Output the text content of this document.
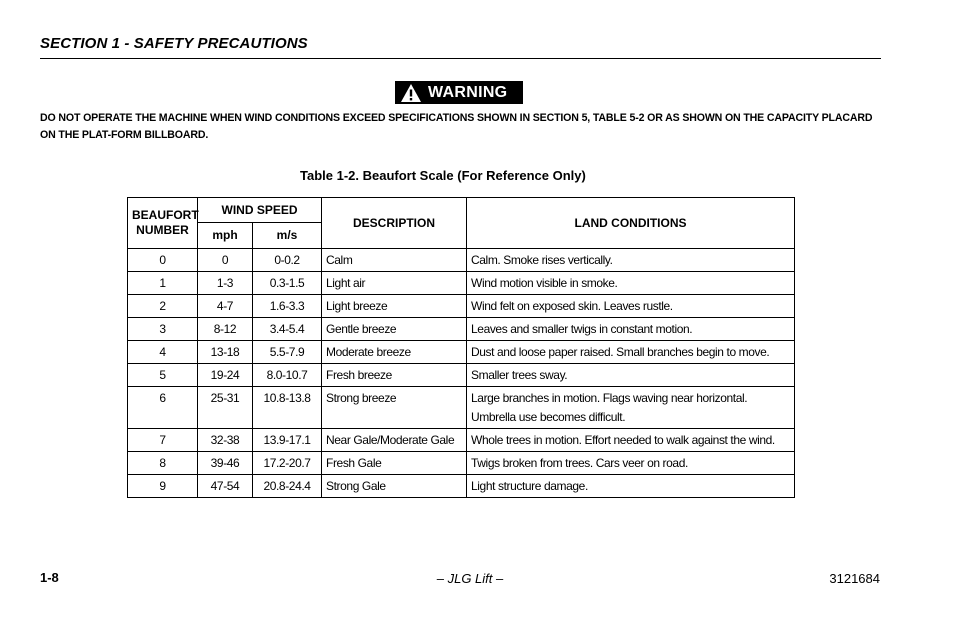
SECTION 1 - SAFETY PRECAUTIONS
WARNING
DO NOT OPERATE THE MACHINE WHEN WIND CONDITIONS EXCEED SPECIFICATIONS SHOWN IN SECTION 5, TABLE 5-2 OR AS SHOWN ON THE CAPACITY PLACARD ON THE PLAT-FORM BILLBOARD.
Table 1-2. Beaufort Scale (For Reference Only)
BEAUFORT NUMBER	WIND SPEED		DESCRIPTION	LAND CONDITIONS
	mph	m/s		
0	0	0-0.2	Calm	Calm. Smoke rises vertically.
1	1-3	0.3-1.5	Light air	Wind motion visible in smoke.
2	4-7	1.6-3.3	Light breeze	Wind felt on exposed skin. Leaves rustle.
3	8-12	3.4-5.4	Gentle breeze	Leaves and smaller twigs in constant motion.
4	13-18	5.5-7.9	Moderate breeze	Dust and loose paper raised. Small branches begin to move.
5	19-24	8.0-10.7	Fresh breeze	Smaller trees sway.
6	25-31	10.8-13.8	Strong breeze	Large branches in motion. Flags waving near horizontal. Umbrella use becomes difficult.
7	32-38	13.9-17.1	Near Gale/Moderate Gale	Whole trees in motion. Effort needed to walk against the wind.
8	39-46	17.2-20.7	Fresh Gale	Twigs broken from trees. Cars veer on road.
9	47-54	20.8-24.4	Strong Gale	Light structure damage.
1-8	– JLG Lift –	3121684
